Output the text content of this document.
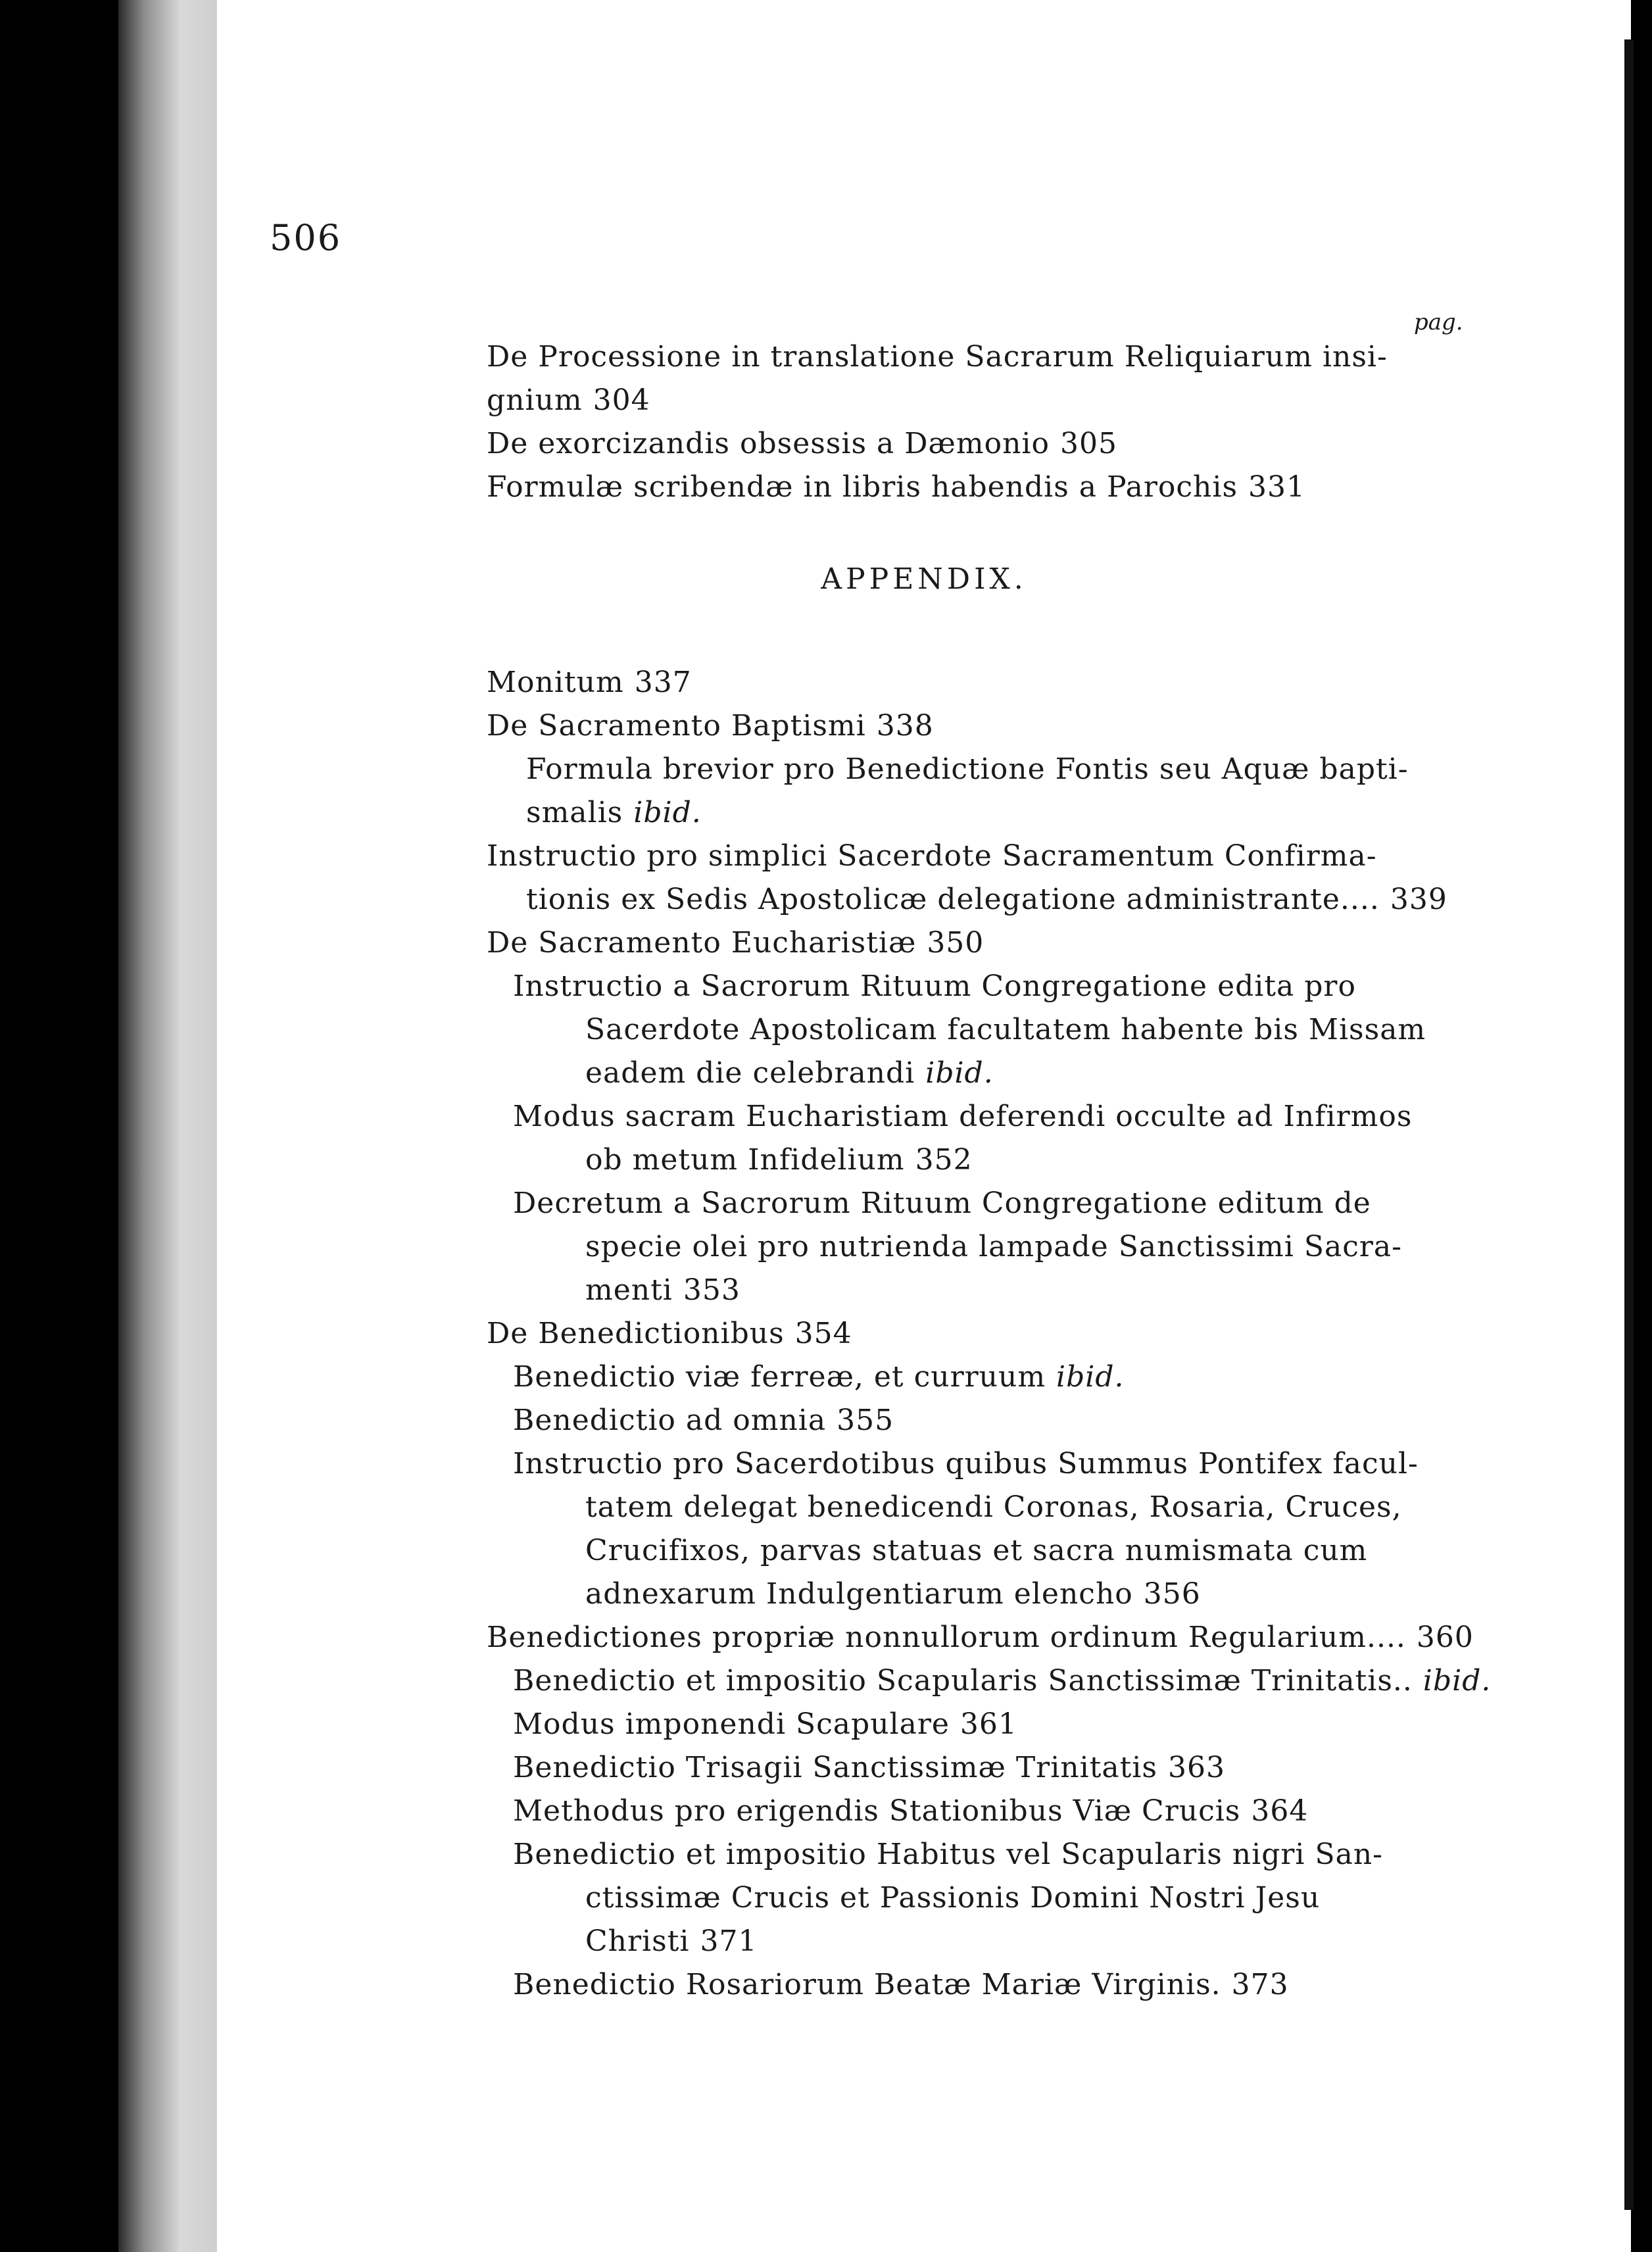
506
pag.
De Processione in translatione Sacrarum Reliquiarum insi-
gnium 304
De exorcizandis obsessis a Dæmonio 305
Formulæ scribendæ in libris habendis a Parochis 331
APPENDIX.
Monitum 337
De Sacramento Baptismi 338
Formula brevior pro Benedictione Fontis seu Aquæ bapti-
smalis ibid.
Instructio pro simplici Sacerdote Sacramentum Confirma-
tionis ex Sedis Apostolicæ delegatione administrante.... 339
De Sacramento Eucharistiæ 350
Instructio a Sacrorum Rituum Congregatione edita pro
Sacerdote Apostolicam facultatem habente bis Missam
eadem die celebrandi ibid.
Modus sacram Eucharistiam deferendi occulte ad Infirmos
ob metum Infidelium 352
Decretum a Sacrorum Rituum Congregatione editum de
specie olei pro nutrienda lampade Sanctissimi Sacra-
menti 353
De Benedictionibus 354
Benedictio viæ ferreæ, et curruum ibid.
Benedictio ad omnia 355
Instructio pro Sacerdotibus quibus Summus Pontifex facul-
tatem delegat benedicendi Coronas, Rosaria, Cruces,
Crucifixos, parvas statuas et sacra numismata cum
adnexarum Indulgentiarum elencho 356
Benedictiones propriæ nonnullorum ordinum Regularium.... 360
Benedictio et impositio Scapularis Sanctissimæ Trinitatis.. ibid.
Modus imponendi Scapulare 361
Benedictio Trisagii Sanctissimæ Trinitatis 363
Methodus pro erigendis Stationibus Viæ Crucis 364
Benedictio et impositio Habitus vel Scapularis nigri San-
ctissimæ Crucis et Passionis Domini Nostri Jesu
Christi 371
Benedictio Rosariorum Beatæ Mariæ Virginis. 373
